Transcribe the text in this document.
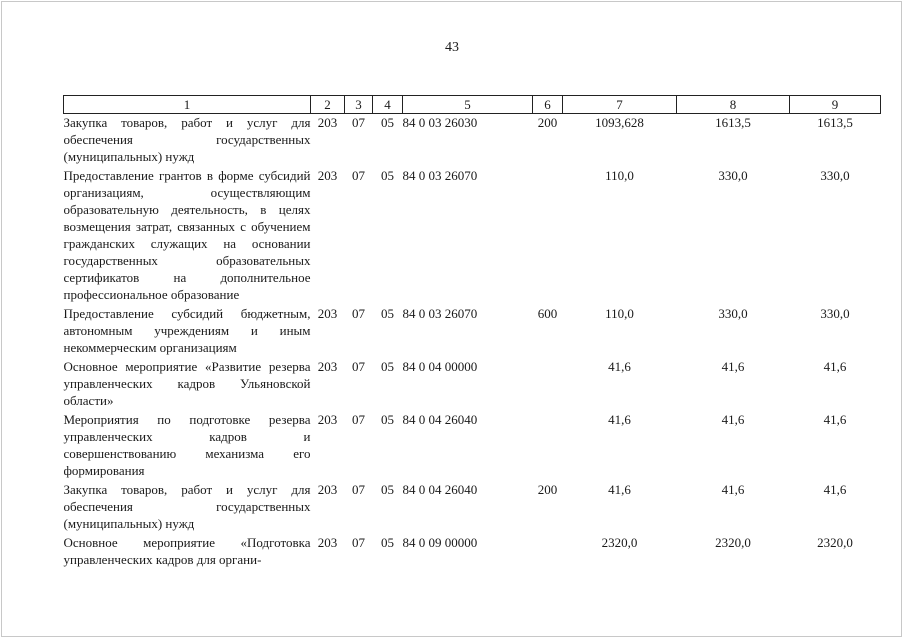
43
1	2	3	4	5	6	7	8	9
Закупка товаров, работ и услуг для обеспечения государственных (муниципальных) нужд	203	07	05	84 0 03 26030	200	1093,628	1613,5	1613,5
Предоставление грантов в форме субсидий организациям, осуществляющим образовательную деятельность, в целях возмещения затрат, связанных с обучением гражданских служащих на основании государственных образовательных сертификатов на дополнительное профессиональное образование	203	07	05	84 0 03 26070		110,0	330,0	330,0
Предоставление субсидий бюджетным, автономным учреждениям и иным некоммерческим организациям	203	07	05	84 0 03 26070	600	110,0	330,0	330,0
Основное мероприятие «Развитие резерва управленческих кадров Ульяновской области»	203	07	05	84 0 04 00000		41,6	41,6	41,6
Мероприятия по подготовке резерва управленческих кадров и совершенствованию механизма его формирования	203	07	05	84 0 04 26040		41,6	41,6	41,6
Закупка товаров, работ и услуг для обеспечения государственных (муниципальных) нужд	203	07	05	84 0 04 26040	200	41,6	41,6	41,6
Основное мероприятие «Подготовка управленческих кадров для органи-	203	07	05	84 0 09 00000		2320,0	2320,0	2320,0
